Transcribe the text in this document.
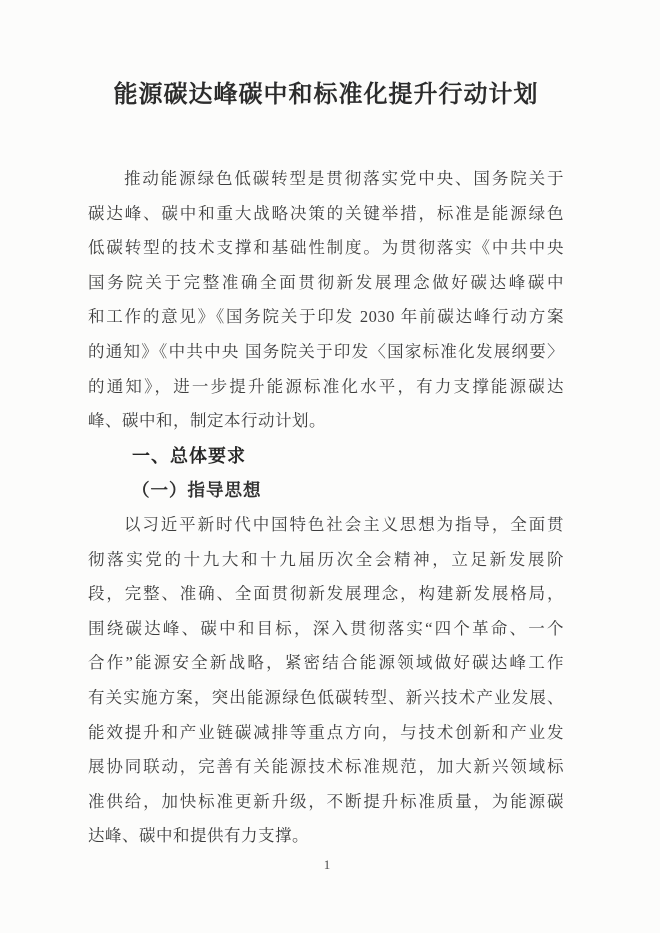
能源碳达峰碳中和标准化提升行动计划
推动能源绿色低碳转型是贯彻落实党中央、国务院关于
碳达峰、碳中和重大战略决策的关键举措，标准是能源绿色
低碳转型的技术支撑和基础性制度。为贯彻落实《中共中央
国务院关于完整准确全面贯彻新发展理念做好碳达峰碳中
和工作的意见》《国务院关于印发 2030 年前碳达峰行动方案
的通知》《中共中央 国务院关于印发〈国家标准化发展纲要〉
的通知》，进一步提升能源标准化水平，有力支撑能源碳达
峰、碳中和，制定本行动计划。
一、总体要求
（一）指导思想
以习近平新时代中国特色社会主义思想为指导，全面贯
彻落实党的十九大和十九届历次全会精神，立足新发展阶
段，完整、准确、全面贯彻新发展理念，构建新发展格局，
围绕碳达峰、碳中和目标，深入贯彻落实“四个革命、一个
合作”能源安全新战略，紧密结合能源领域做好碳达峰工作
有关实施方案，突出能源绿色低碳转型、新兴技术产业发展、
能效提升和产业链碳减排等重点方向，与技术创新和产业发
展协同联动，完善有关能源技术标准规范，加大新兴领域标
准供给，加快标准更新升级，不断提升标准质量，为能源碳
达峰、碳中和提供有力支撑。
1
